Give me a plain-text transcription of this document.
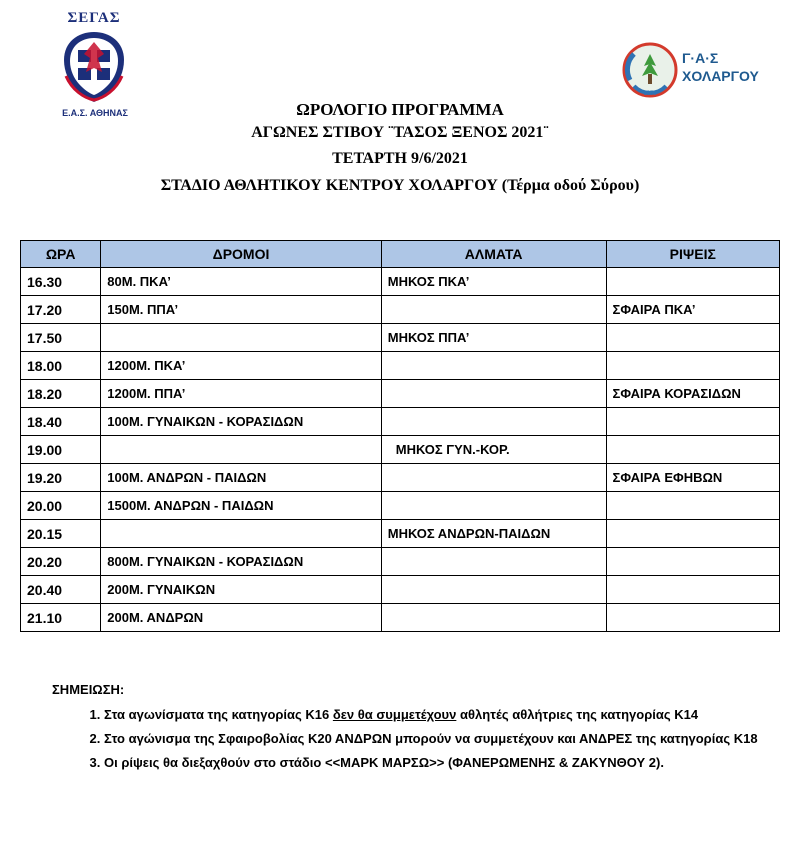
ΣΕΓΑΣ
Ε.Α.Σ. ΑΘΗΝΑΣ
1976
Γ·Α·Σ
ΧΟΛΑΡΓΟΥ
ΩΡΟΛΟΓΙΟ ΠΡΟΓΡΑΜΜΑ
ΑΓΩΝΕΣ ΣΤΙΒΟΥ ¨ΤΑΣΟΣ ΞΕΝΟΣ 2021¨
ΤΕΤΑΡΤΗ 9/6/2021
ΣΤΑΔΙΟ ΑΘΛΗΤΙΚΟΥ ΚΕΝΤΡΟΥ ΧΟΛΑΡΓΟΥ (Τέρμα οδού Σύρου)
ΩΡΑ	ΔΡΟΜΟΙ	ΑΛΜΑΤΑ	ΡΙΨΕΙΣ
16.30	80Μ. ΠΚΑ’	ΜΗΚΟΣ ΠΚΑ’	
17.20	150Μ. ΠΠΑ’		ΣΦΑΙΡΑ ΠΚΑ’
17.50		ΜΗΚΟΣ ΠΠΑ’	
18.00	1200Μ. ΠΚΑ’		
18.20	1200Μ. ΠΠΑ’		ΣΦΑΙΡΑ ΚΟΡΑΣΙΔΩΝ
18.40	100Μ. ΓΥΝΑΙΚΩΝ - ΚΟΡΑΣΙΔΩΝ		
19.00		ΜΗΚΟΣ ΓΥΝ.-ΚΟΡ.	
19.20	100Μ. ΑΝΔΡΩΝ - ΠΑΙΔΩΝ		ΣΦΑΙΡΑ ΕΦΗΒΩΝ
20.00	1500Μ. ΑΝΔΡΩΝ - ΠΑΙΔΩΝ		
20.15		ΜΗΚΟΣ ΑΝΔΡΩΝ-ΠΑΙΔΩΝ	
20.20	800Μ. ΓΥΝΑΙΚΩΝ - ΚΟΡΑΣΙΔΩΝ		
20.40	200Μ. ΓΥΝΑΙΚΩΝ		
21.10	200Μ. ΑΝΔΡΩΝ		
ΣΗΜΕΙΩΣΗ:
1. Στα αγωνίσματα της κατηγορίας Κ16 δεν θα συμμετέχουν αθλητές αθλήτριες της κατηγορίας Κ14
2. Στο αγώνισμα της Σφαιροβολίας Κ20 ΑΝΔΡΩΝ μπορούν να συμμετέχουν και ΑΝΔΡΕΣ της κατηγορίας Κ18
3. Οι ρίψεις θα διεξαχθούν στο στάδιο <<ΜΑΡΚ ΜΑΡΣΩ>> (ΦΑΝΕΡΩΜΕΝΗΣ & ΖΑΚΥΝΘΟΥ 2).
